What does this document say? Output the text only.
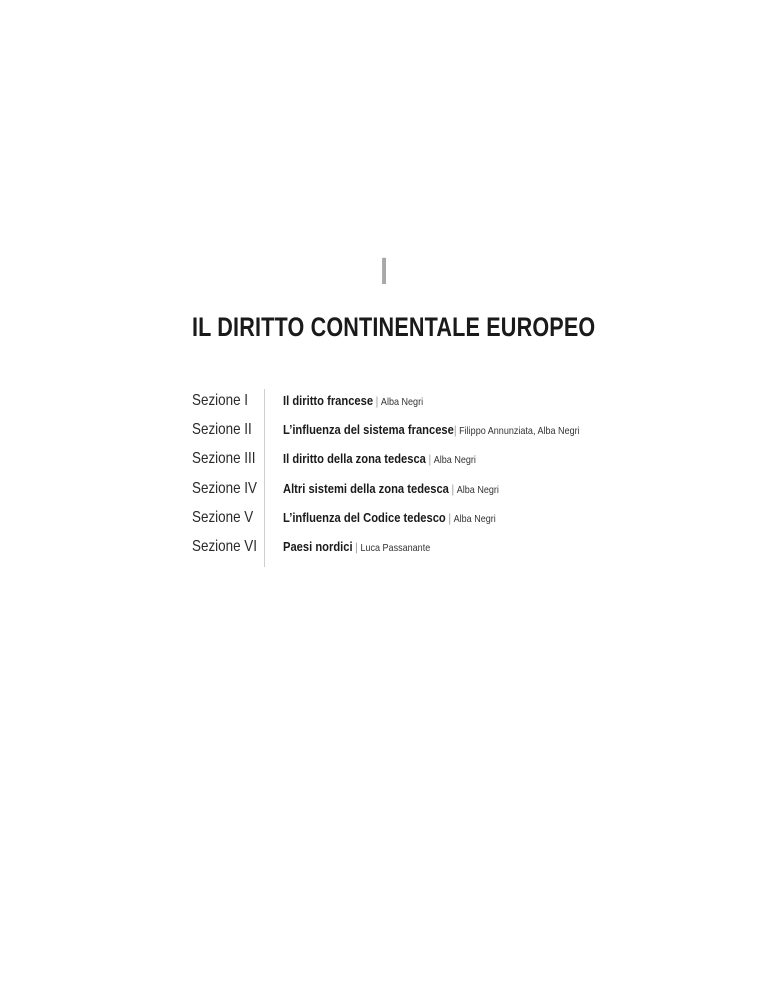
I
IL DIRITTO CONTINENTALE EUROPEO
Sezione I	Il diritto francese | Alba Negri
Sezione II L’influenza del sistema francese| Filippo Annunziata, Alba Negri
Sezione III Il diritto della zona tedesca | Alba Negri
Sezione IV Altri sistemi della zona tedesca | Alba Negri
Sezione V L’influenza del Codice tedesco | Alba Negri
Sezione VI Paesi nordici | Luca Passanante
